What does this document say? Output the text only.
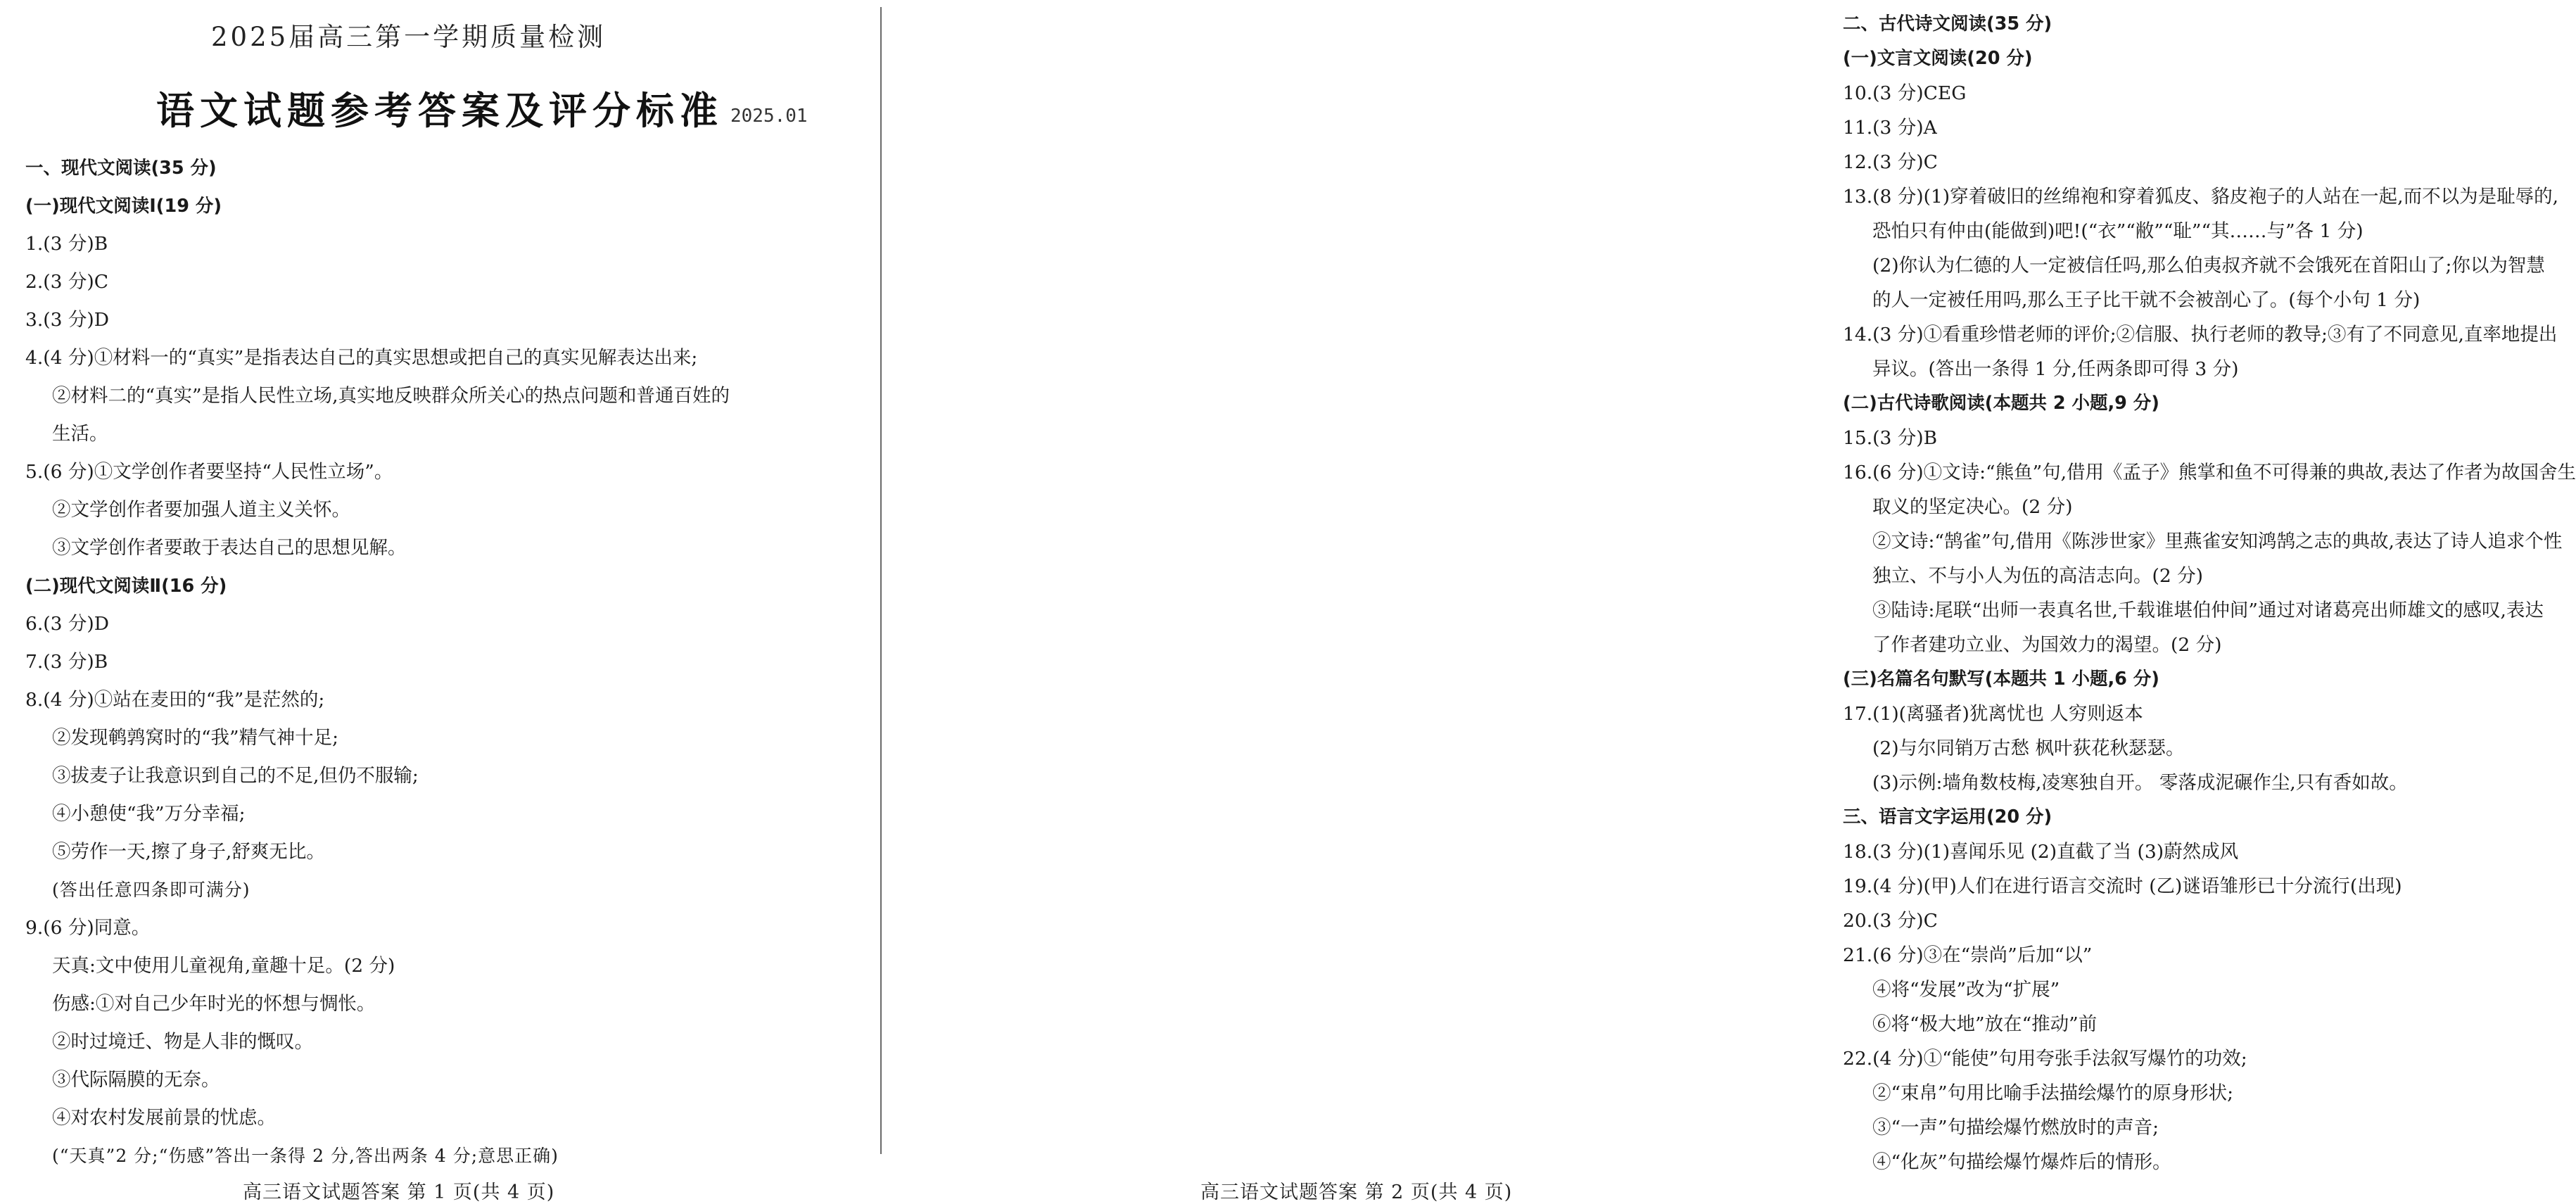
2025届高三第一学期质量检测
语文试题参考答案及评分标准 2025.01
一、现代文阅读(35 分)
(一)现代文阅读Ⅰ(19 分)
1.(3 分)B
2.(3 分)C
3.(3 分)D
4.(4 分)①材料一的“真实”是指表达自己的真实思想或把自己的真实见解表达出来;
②材料二的“真实”是指人民性立场,真实地反映群众所关心的热点问题和普通百姓的
生活。
5.(6 分)①文学创作者要坚持“人民性立场”。
②文学创作者要加强人道主义关怀。
③文学创作者要敢于表达自己的思想见解。
(二)现代文阅读Ⅱ(16 分)
6.(3 分)D
7.(3 分)B
8.(4 分)①站在麦田的“我”是茫然的;
②发现鹌鹑窝时的“我”精气神十足;
③拔麦子让我意识到自己的不足,但仍不服输;
④小憩使“我”万分幸福;
⑤劳作一天,擦了身子,舒爽无比。
(答出任意四条即可满分)
9.(6 分)同意。
天真:文中使用儿童视角,童趣十足。(2 分)
伤感:①对自己少年时光的怀想与惆怅。
②时过境迁、物是人非的慨叹。
③代际隔膜的无奈。
④对农村发展前景的忧虑。
(“天真”2 分;“伤感”答出一条得 2 分,答出两条 4 分;意思正确)
高三语文试题答案 第 1 页(共 4 页)
二、古代诗文阅读(35 分)
(一)文言文阅读(20 分)
10.(3 分)CEG
11.(3 分)A
12.(3 分)C
13.(8 分)(1)穿着破旧的丝绵袍和穿着狐皮、貉皮袍子的人站在一起,而不以为是耻辱的,
恐怕只有仲由(能做到)吧!(“衣”“敝”“耻”“其……与”各 1 分)
(2)你认为仁德的人一定被信任吗,那么伯夷叔齐就不会饿死在首阳山了;你以为智慧
的人一定被任用吗,那么王子比干就不会被剖心了。(每个小句 1 分)
14.(3 分)①看重珍惜老师的评价;②信服、执行老师的教导;③有了不同意见,直率地提出
异议。(答出一条得 1 分,任两条即可得 3 分)
(二)古代诗歌阅读(本题共 2 小题,9 分)
15.(3 分)B
16.(6 分)①文诗:“熊鱼”句,借用《孟子》熊掌和鱼不可得兼的典故,表达了作者为故国舍生
取义的坚定决心。(2 分)
②文诗:“鹄雀”句,借用《陈涉世家》里燕雀安知鸿鹄之志的典故,表达了诗人追求个性
独立、不与小人为伍的高洁志向。(2 分)
③陆诗:尾联“出师一表真名世,千载谁堪伯仲间”通过对诸葛亮出师雄文的感叹,表达
了作者建功立业、为国效力的渴望。(2 分)
(三)名篇名句默写(本题共 1 小题,6 分)
17.(1)(离骚者)犹离忧也 人穷则返本
(2)与尔同销万古愁 枫叶荻花秋瑟瑟。
(3)示例:墙角数枝梅,凌寒独自开。 零落成泥碾作尘,只有香如故。
三、语言文字运用(20 分)
18.(3 分)(1)喜闻乐见 (2)直截了当 (3)蔚然成风
19.(4 分)(甲)人们在进行语言交流时 (乙)谜语雏形已十分流行(出现)
20.(3 分)C
21.(6 分)③在“崇尚”后加“以”
④将“发展”改为“扩展”
⑥将“极大地”放在“推动”前
22.(4 分)①“能使”句用夸张手法叙写爆竹的功效;
②“束帛”句用比喻手法描绘爆竹的原身形状;
③“一声”句描绘爆竹燃放时的声音;
④“化灰”句描绘爆竹爆炸后的情形。
高三语文试题答案 第 2 页(共 4 页)
